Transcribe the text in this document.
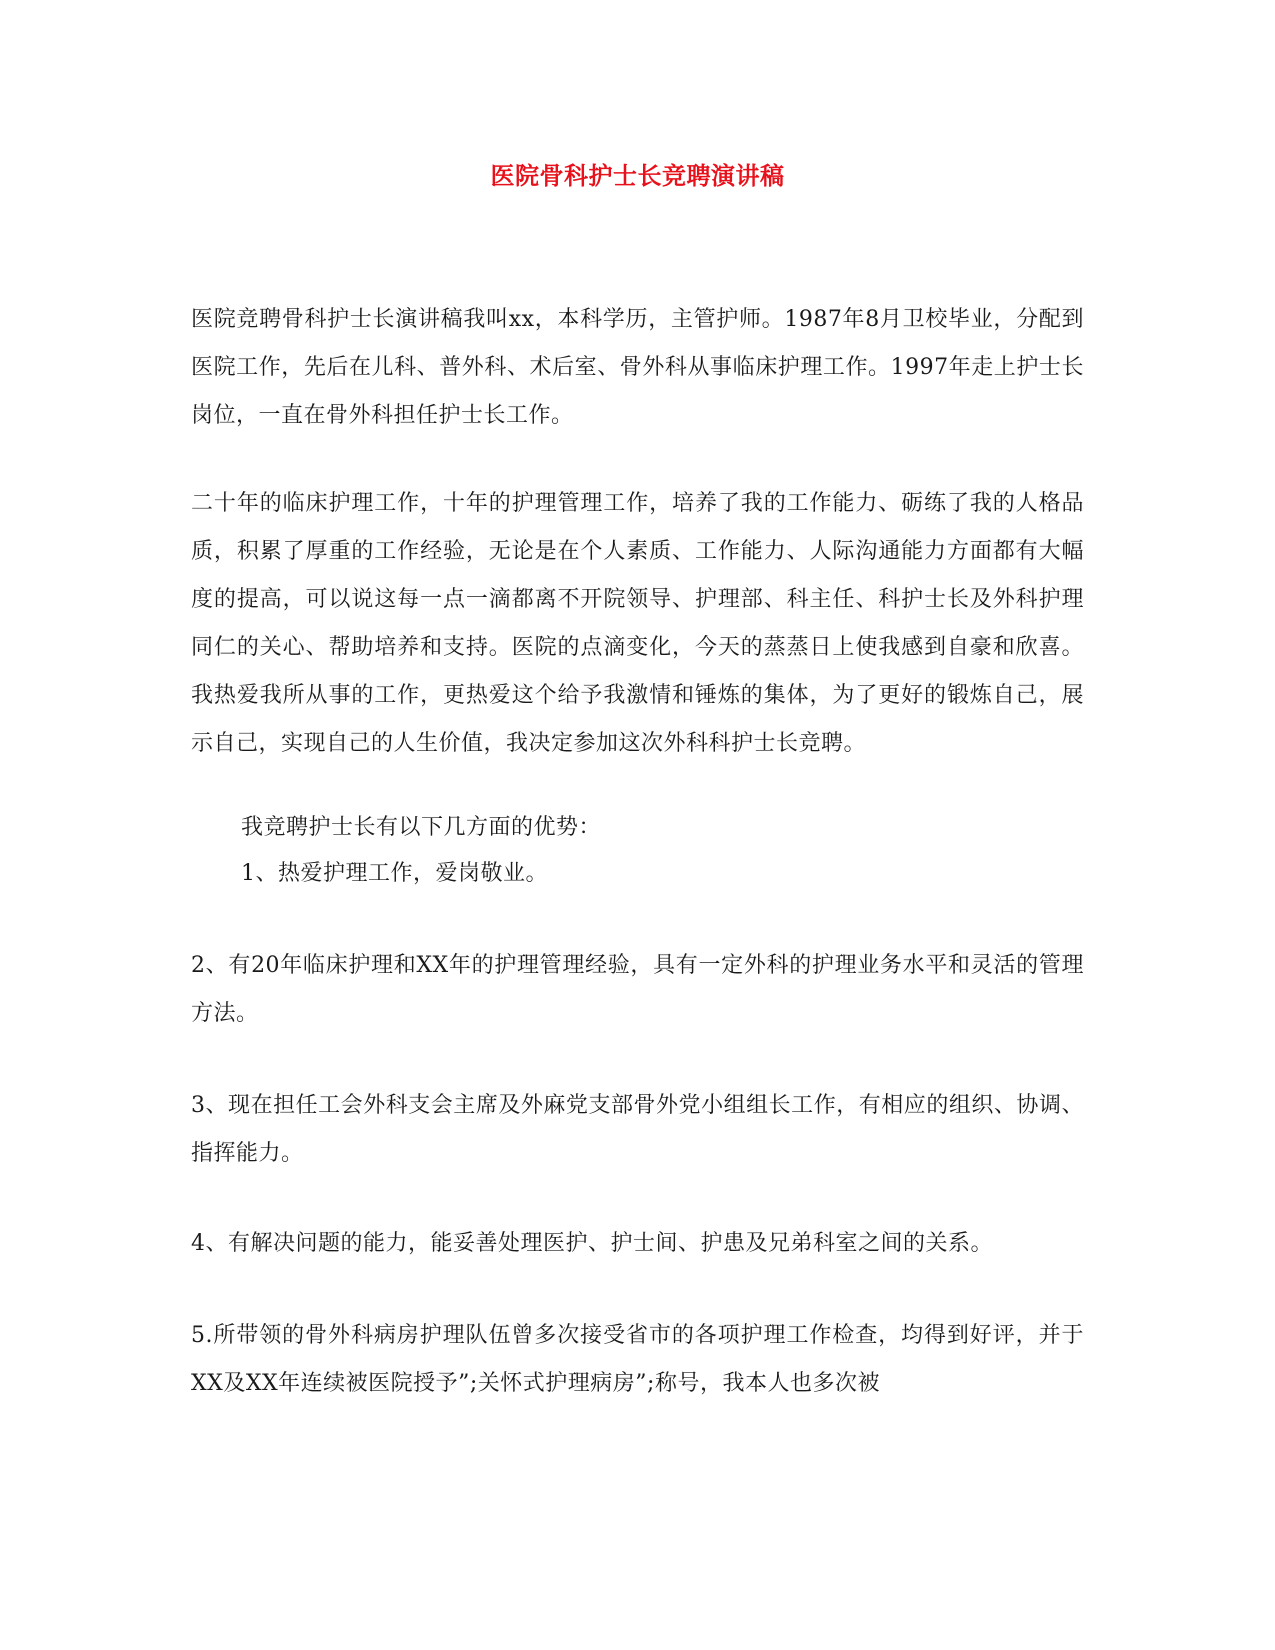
医院骨科护士长竞聘演讲稿

医院竞聘骨科护士长演讲稿我叫xx，本科学历，主管护师。1987年8月卫校毕业，分配到医院工作，先后在儿科、普外科、术后室、骨外科从事临床护理工作。1997年走上护士长岗位，一直在骨外科担任护士长工作。

二十年的临床护理工作，十年的护理管理工作，培养了我的工作能力、砺练了我的人格品质，积累了厚重的工作经验，无论是在个人素质、工作能力、人际沟通能力方面都有大幅度的提高，可以说这每一点一滴都离不开院领导、护理部、科主任、科护士长及外科护理同仁的关心、帮助培养和支持。医院的点滴变化，今天的蒸蒸日上使我感到自豪和欣喜。我热爱我所从事的工作，更热爱这个给予我激情和锤炼的集体，为了更好的锻炼自己，展示自己，实现自己的人生价值，我决定参加这次外科科护士长竞聘。

我竞聘护士长有以下几方面的优势：

1、热爱护理工作，爱岗敬业。

2、有20年临床护理和XX年的护理管理经验，具有一定外科的护理业务水平和灵活的管理方法。

3、现在担任工会外科支会主席及外麻党支部骨外党小组组长工作，有相应的组织、协调、指挥能力。

4、有解决问题的能力，能妥善处理医护、护士间、护患及兄弟科室之间的关系。

5.所带领的骨外科病房护理队伍曾多次接受省市的各项护理工作检查，均得到好评，并于XX及XX年连续被医院授予”;关怀式护理病房”;称号，我本人也多次被
